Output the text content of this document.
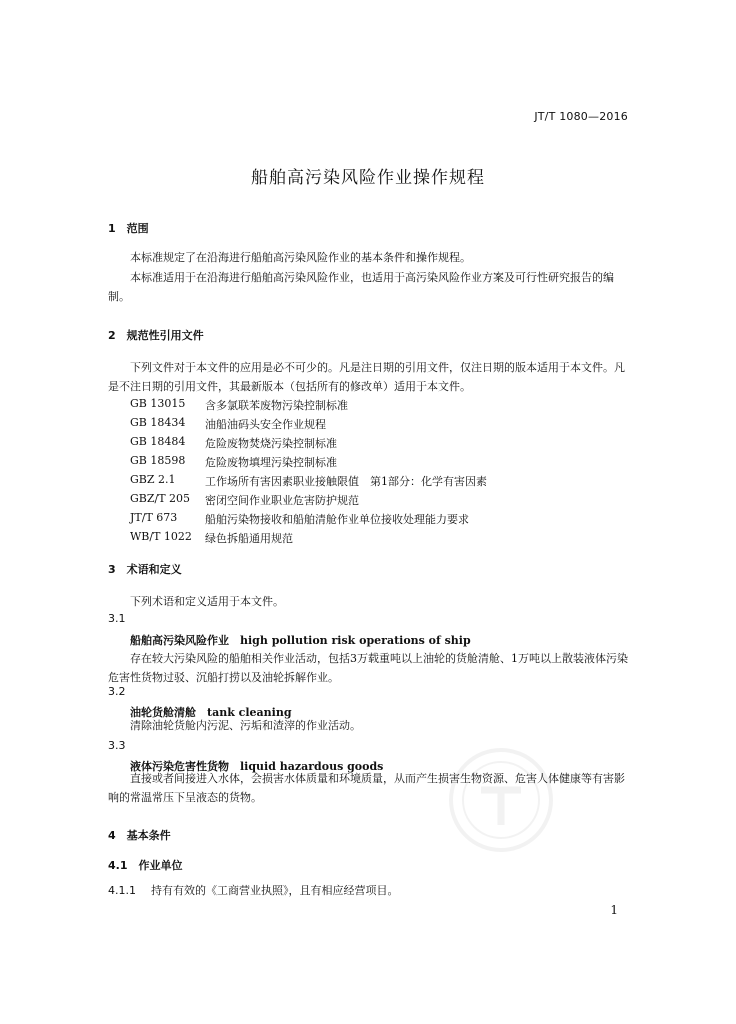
JT/T 1080—2016
船舶高污染风险作业操作规程
1　范围
本标准规定了在沿海进行船舶高污染风险作业的基本条件和操作规程。
本标准适用于在沿海进行船舶高污染风险作业，也适用于高污染风险作业方案及可行性研究报告的编制。
2　规范性引用文件
下列文件对于本文件的应用是必不可少的。凡是注日期的引用文件，仅注日期的版本适用于本文件。凡是不注日期的引用文件，其最新版本（包括所有的修改单）适用于本文件。
GB 13015	含多氯联苯废物污染控制标准
GB 18434	油船油码头安全作业规程
GB 18484	危险废物焚烧污染控制标准
GB 18598	危险废物填埋污染控制标准
GBZ 2.1	工作场所有害因素职业接触限值　第1部分：化学有害因素
GBZ/T 205	密闭空间作业职业危害防护规范
JT/T 673	船舶污染物接收和船舶清舱作业单位接收处理能力要求
WB/T 1022	绿色拆船通用规范
3　术语和定义
下列术语和定义适用于本文件。
3.1
船舶高污染风险作业　high pollution risk operations of ship
存在较大污染风险的船舶相关作业活动，包括3万载重吨以上油轮的货舱清舱、1万吨以上散装液体污染危害性货物过驳、沉船打捞以及油轮拆解作业。
3.2
油轮货舱清舱　tank cleaning
清除油轮货舱内污泥、污垢和渣滓的作业活动。
3.3
液体污染危害性货物　liquid hazardous goods
直接或者间接进入水体，会损害水体质量和环境质量，从而产生损害生物资源、危害人体健康等有害影响的常温常压下呈液态的货物。
4　基本条件
4.1　作业单位
4.1.1 持有有效的《工商营业执照》，且有相应经营项目。
1
